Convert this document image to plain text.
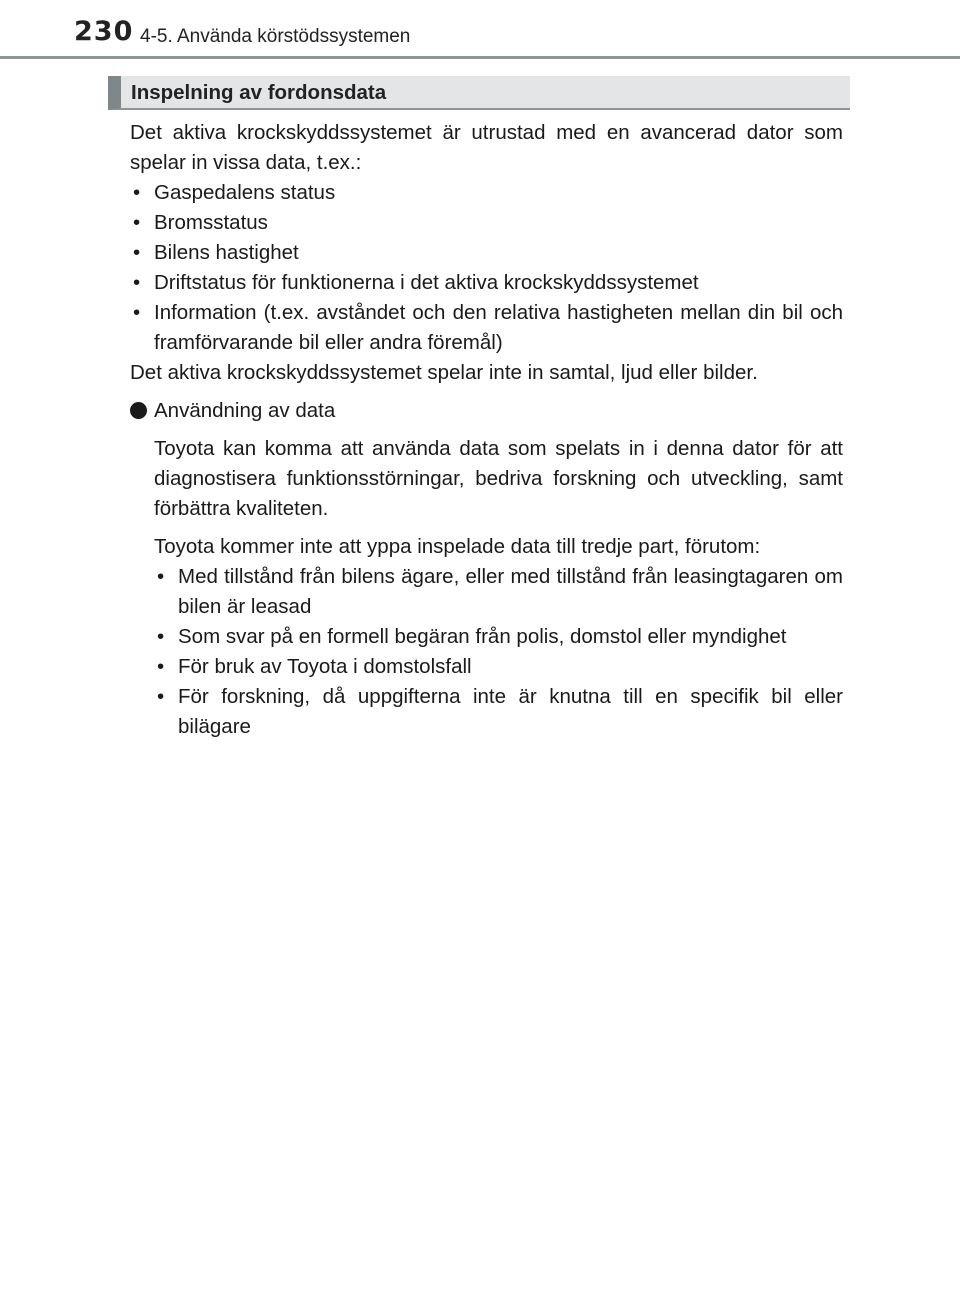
230 4-5. Använda körstödssystemen
Inspelning av fordonsdata

Det aktiva krockskyddssystemet är utrustad med en avancerad dator som spelar in vissa data, t.ex.:

• Gaspedalens status
• Bromsstatus
• Bilens hastighet
• Driftstatus för funktionerna i det aktiva krockskyddssystemet
• Information (t.ex. avståndet och den relativa hastigheten mellan din bil och framförvarande bil eller andra föremål)

Det aktiva krockskyddssystemet spelar inte in samtal, ljud eller bilder.

Användning av data

Toyota kan komma att använda data som spelats in i denna dator för att diagnostisera funktionsstörningar, bedriva forskning och utveckling, samt förbättra kvaliteten.

Toyota kommer inte att yppa inspelade data till tredje part, förutom:

• Med tillstånd från bilens ägare, eller med tillstånd från leasingtagaren om bilen är leasad
• Som svar på en formell begäran från polis, domstol eller myndighet
• För bruk av Toyota i domstolsfall
• För forskning, då uppgifterna inte är knutna till en specifik bil eller bilägare
